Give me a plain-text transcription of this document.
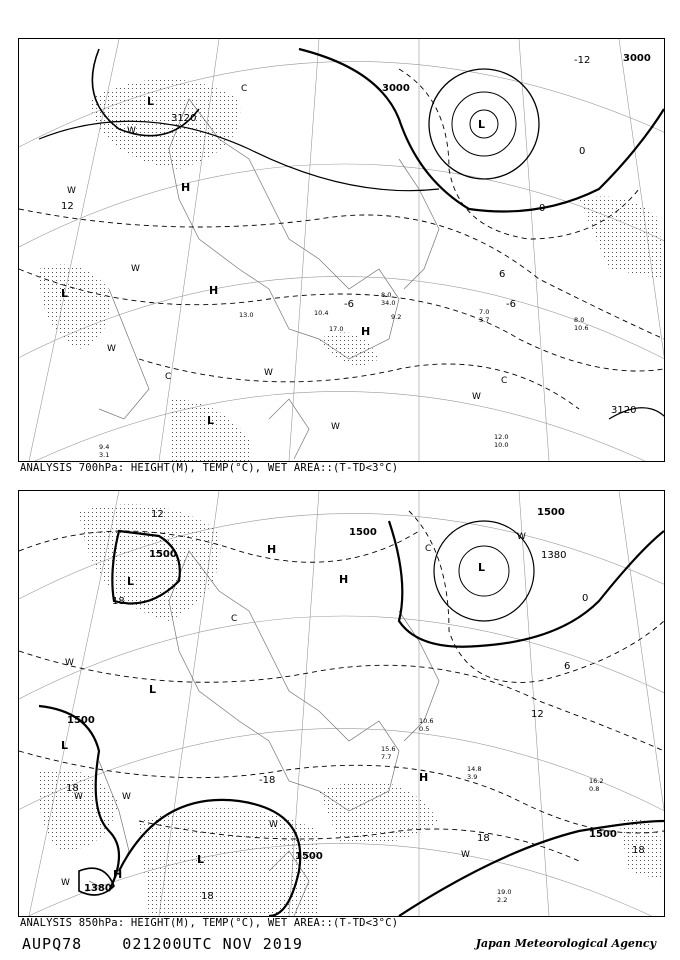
12.0
10.0
8.0
10.6
7.0
3.7
9.2
17.0
8.0
34.0
10.4
13.0
9.4
3.1
3000
3000
3120
3120
12
-12
0
-6	-6
6
0
L
L
L
L
H
H
H
W
W
W
W
W
C	C
W
C
W
ANALYSIS 700hPa: HEIGHT(M), TEMP(°C), WET AREA::(T-TD<3°C)
19.0
2.2
16.2
0.8
14.8
3.9
10.6
0.5
15.6
7.7
1500
1500
1500
1500
1500
1500
1380
1380
12
18	0
6
12
18
18
18
18
-18
L
L
L
L
L
H
H
H
H
W
W	W
W
W
C
C
W
W
ANALYSIS 850hPa: HEIGHT(M), TEMP(°C), WET AREA::(T-TD<3°C)
AUPQ78    021200UTC NOV 2019	Japan Meteorological Agency
